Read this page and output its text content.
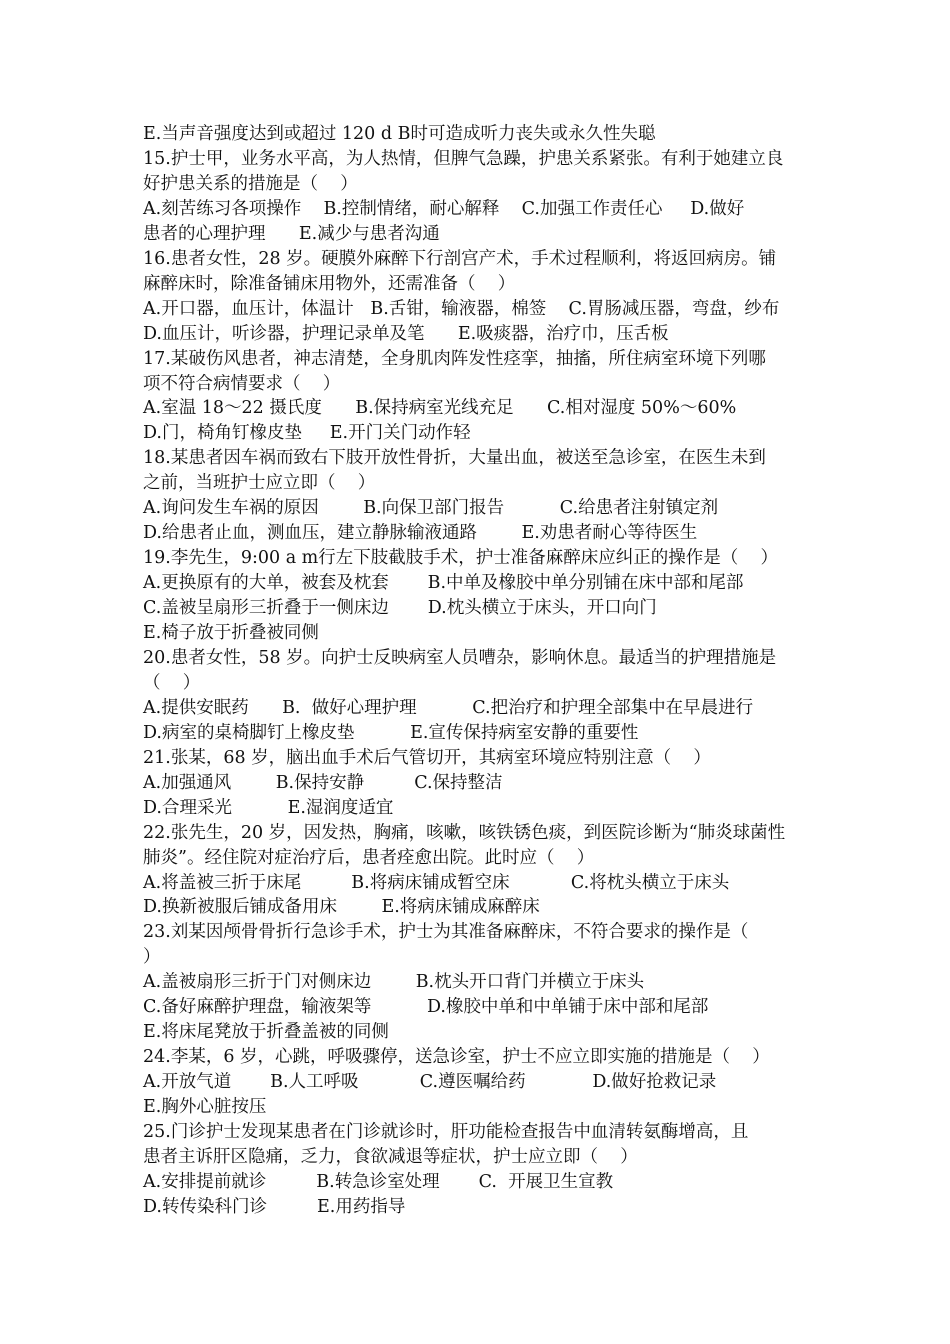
E.当声音强度达到或超过 120 d B时可造成听力丧失或永久性失聪
15.护士甲，业务水平高，为人热情，但脾气急躁，护患关系紧张。有利于她建立良
好护患关系的措施是（    ）
A.刻苦练习各项操作    B.控制情绪，耐心解释    C.加强工作责任心     D.做好
患者的心理护理      E.减少与患者沟通
16.患者女性，28 岁。硬膜外麻醉下行剖宫产术，手术过程顺利，将返回病房。铺
麻醉床时，除准备铺床用物外，还需准备（    ）
A.开口器，血压计，体温计   B.舌钳，输液器，棉签    C.胃肠减压器，弯盘，纱布
D.血压计，听诊器，护理记录单及笔      E.吸痰器，治疗巾，压舌板
17.某破伤风患者，神志清楚，全身肌肉阵发性痉挛，抽搐，所住病室环境下列哪
项不符合病情要求（    ）
A.室温 18～22 摄氏度      B.保持病室光线充足      C.相对湿度 50%～60%
D.门，椅角钉橡皮垫     E.开门关门动作轻
18.某患者因车祸而致右下肢开放性骨折，大量出血，被送至急诊室，在医生未到
之前，当班护士应立即（    ）
A.询问发生车祸的原因        B.向保卫部门报告          C.给患者注射镇定剂
D.给患者止血，测血压，建立静脉输液通路        E.劝患者耐心等待医生
19.李先生，9:00 a m行左下肢截肢手术，护士准备麻醉床应纠正的操作是（    ）
A.更换原有的大单，被套及枕套       B.中单及橡胶中单分别铺在床中部和尾部
C.盖被呈扇形三折叠于一侧床边       D.枕头横立于床头，开口向门
E.椅子放于折叠被同侧
20.患者女性，58 岁。向护士反映病室人员嘈杂，影响休息。最适当的护理措施是
（    ）
A.提供安眠药      B.  做好心理护理          C.把治疗和护理全部集中在早晨进行
D.病室的桌椅脚钉上橡皮垫          E.宣传保持病室安静的重要性
21.张某，68 岁，脑出血手术后气管切开，其病室环境应特别注意（    ）
A.加强通风        B.保持安静         C.保持整洁
D.合理采光          E.湿润度适宜
22.张先生，20 岁，因发热，胸痛，咳嗽，咳铁锈色痰，到医院诊断为“肺炎球菌性
肺炎”。经住院对症治疗后，患者痊愈出院。此时应（    ）
A.将盖被三折于床尾         B.将病床铺成暂空床           C.将枕头横立于床头
D.换新被服后铺成备用床        E.将病床铺成麻醉床
23.刘某因颅骨骨折行急诊手术，护士为其准备麻醉床，不符合要求的操作是（
）
A.盖被扇形三折于门对侧床边        B.枕头开口背门并横立于床头
C.备好麻醉护理盘，输液架等          D.橡胶中单和中单铺于床中部和尾部
E.将床尾凳放于折叠盖被的同侧
24.李某，6 岁，心跳，呼吸骤停，送急诊室，护士不应立即实施的措施是（    ）
A.开放气道       B.人工呼吸           C.遵医嘱给药            D.做好抢救记录
E.胸外心脏按压
25.门诊护士发现某患者在门诊就诊时，肝功能检查报告中血清转氨酶增高，且
患者主诉肝区隐痛，乏力，食欲减退等症状，护士应立即（    ）
A.安排提前就诊         B.转急诊室处理       C.  开展卫生宣教
D.转传染科门诊         E.用药指导
